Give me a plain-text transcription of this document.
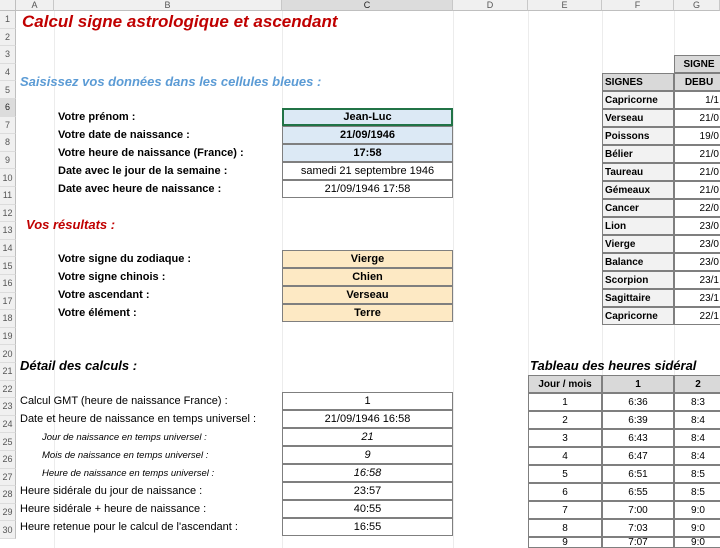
A	B	C	D	E	F	G
1
2
3
4
5
6
7
8
9
10
11
12
13
14
15
16
17
18
19
20
21
22
23
24
25
26
27
28
29
30
Calcul signe astrologique et ascendant
Saisissez vos données dans les cellules bleues :
Votre prénom :	Jean-Luc
Votre date de naissance :	21/09/1946
Votre heure de naissance (France) :	17:58
Date avec le jour de la semaine :	samedi 21 septembre 1946
Date avec heure de naissance :	21/09/1946 17:58
Vos résultats :
Votre signe du zodiaque :	Vierge
Votre signe chinois :	Chien
Votre ascendant :	Verseau
Votre élément :	Terre
Détail des calculs :
Calcul GMT (heure de naissance France) :	1
Date et heure de naissance en temps universel :	21/09/1946 16:58
Jour de naissance en temps universel :	21
Mois de naissance en temps universel :	9
Heure de naissance en temps universel :	16:58
Heure sidérale du jour de naissance :	23:57
Heure sidérale + heure de naissance :	40:55
Heure retenue pour le calcul de l'ascendant :	16:55
SIGNE
SIGNES	DEBU
Capricorne	1/1
Verseau	21/0
Poissons	19/0
Bélier	21/0
Taureau	21/0
Gémeaux	21/0
Cancer	22/0
Lion	23/0
Vierge	23/0
Balance	23/0
Scorpion	23/1
Sagittaire	23/1
Capricorne	22/1
Tableau des heures sidéral
Jour / mois	1	2
1	6:36	8:3
2	6:39	8:4
3	6:43	8:4
4	6:47	8:4
5	6:51	8:5
6	6:55	8:5
7	7:00	9:0
8	7:03	9:0
9	7:07	9:0
